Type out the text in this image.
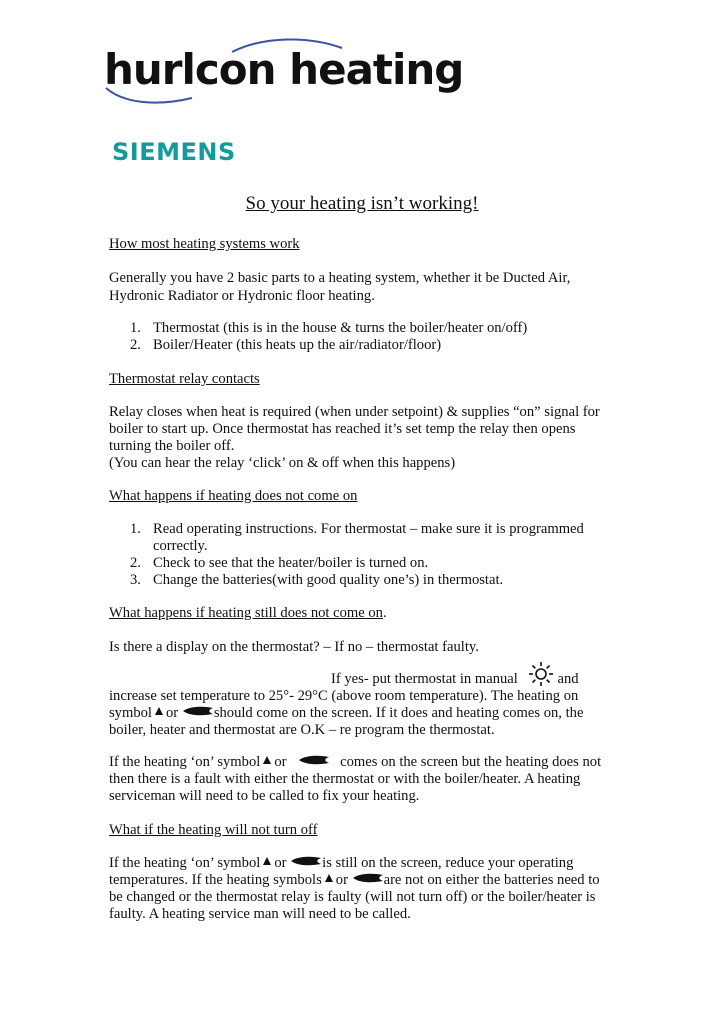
hurlcon heating
SIEMENS
So your heating isn’t working!
How most heating systems work
Generally you have 2 basic parts to a heating system, whether it be Ducted Air,
Hydronic Radiator or Hydronic floor heating.
1. Thermostat (this is in the house & turns the boiler/heater on/off)
2. Boiler/Heater (this heats up the air/radiator/floor)
Thermostat relay contacts
Relay closes when heat is required (when under setpoint) & supplies “on” signal for
boiler to start up. Once thermostat has reached it’s set temp the relay then opens
turning the boiler off.
(You can hear the relay ‘click’ on & off when this happens)
What happens if heating does not come on
1. Read operating instructions. For thermostat – make sure it is programmed
correctly.
2. Check to see that the heater/boiler is turned on.
3. Change the batteries(with good quality one’s) in thermostat.
What happens if heating still does not come on.
Is there a display on the thermostat? – If no – thermostat faulty.
If yes- put thermostat in manual	and
increase set temperature to 25°- 29°C (above room temperature). The heating on
symbol or should come on the screen. If it does and heating comes on, the
boiler, heater and thermostat are O.K – re program the thermostat.
If the heating ‘on’ symbol or	comes on the screen but the heating does not
then there is a fault with either the thermostat or with the boiler/heater. A heating
serviceman will need to be called to fix your heating.
What if the heating will not turn off
If the heating ‘on’ symbol or is still on the screen, reduce your operating
temperatures. If the heating symbols or are not on either the batteries need to
be changed or the thermostat relay is faulty (will not turn off) or the boiler/heater is
faulty. A heating service man will need to be called.
